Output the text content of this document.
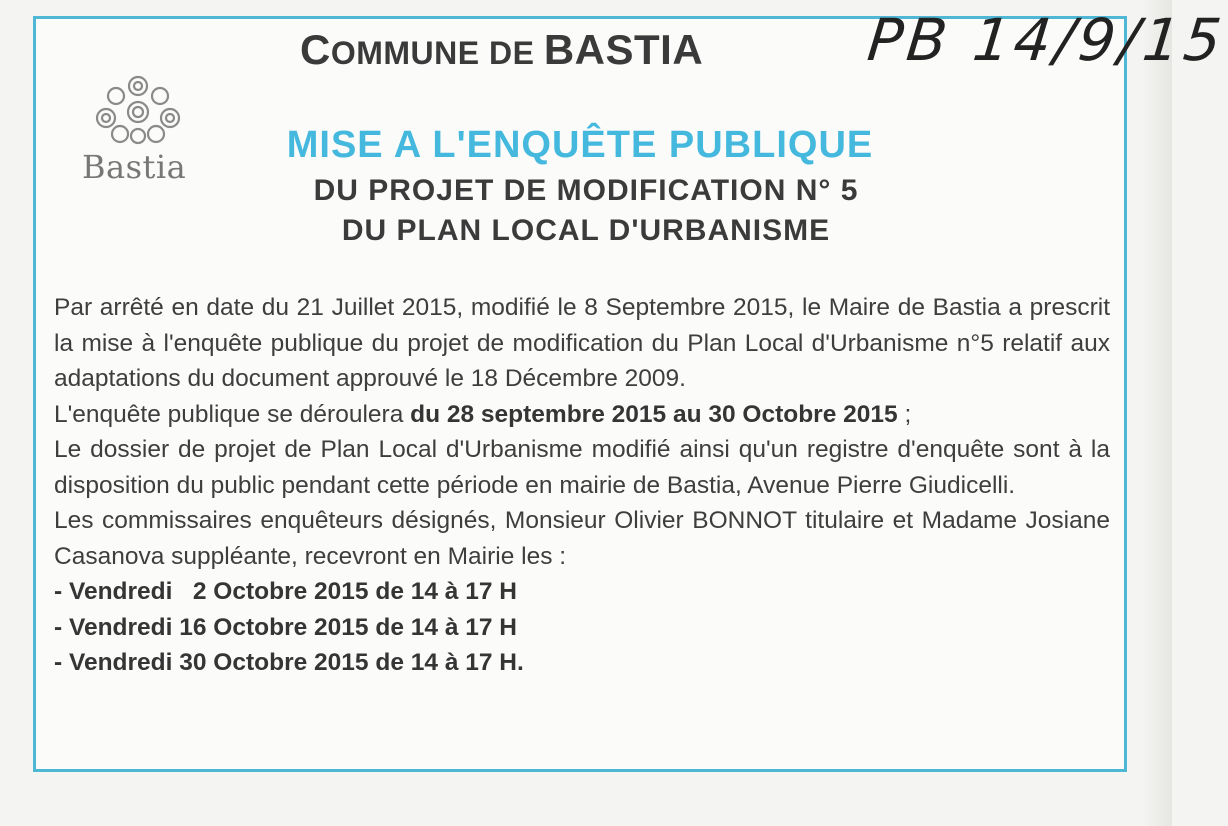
COMMUNE DE BASTIA	PB 14/9/15
Bastia
MISE A L'ENQUÊTE PUBLIQUE
DU PROJET DE MODIFICATION N° 5
DU PLAN LOCAL D'URBANISME

Par arrêté en date du 21 Juillet 2015, modifié le 8 Septembre 2015, le Maire de Bastia a prescrit la mise à l'enquête publique du projet de modification du Plan Local d'Urbanisme n°5 relatif aux adaptations du document approuvé le 18 Décembre 2009.

L'enquête publique se déroulera du 28 septembre 2015 au 30 Octobre 2015 ;

Le dossier de projet de Plan Local d'Urbanisme modifié ainsi qu'un registre d'enquête sont à la disposition du public pendant cette période en mairie de Bastia, Avenue Pierre Giudicelli.

Les commissaires enquêteurs désignés, Monsieur Olivier BONNOT titulaire et Madame Josiane Casanova suppléante, recevront en Mairie les :

- Vendredi   2 Octobre 2015 de 14 à 17 H
- Vendredi 16 Octobre 2015 de 14 à 17 H
- Vendredi 30 Octobre 2015 de 14 à 17 H.
